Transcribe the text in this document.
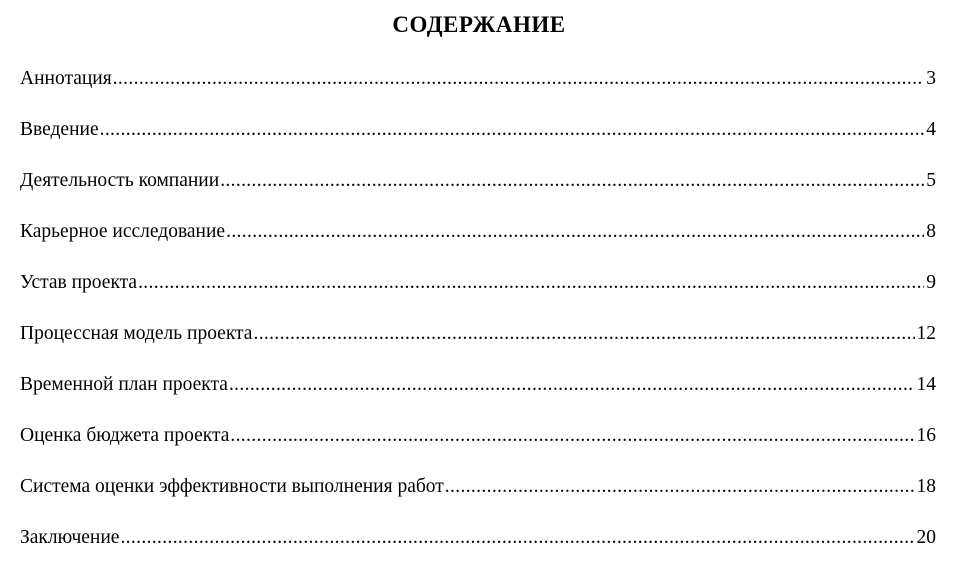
СОДЕРЖАНИЕ
Аннотация .....	3
Введение .....	4
Деятельность компании .....	5
Карьерное исследование .....	8
Устав проекта .....	9
Процессная модель проекта .....	12
Временной план проекта .....	14
Оценка бюджета проекта .....	16
Система оценки эффективности выполнения работ .....	18
Заключение .....	20
